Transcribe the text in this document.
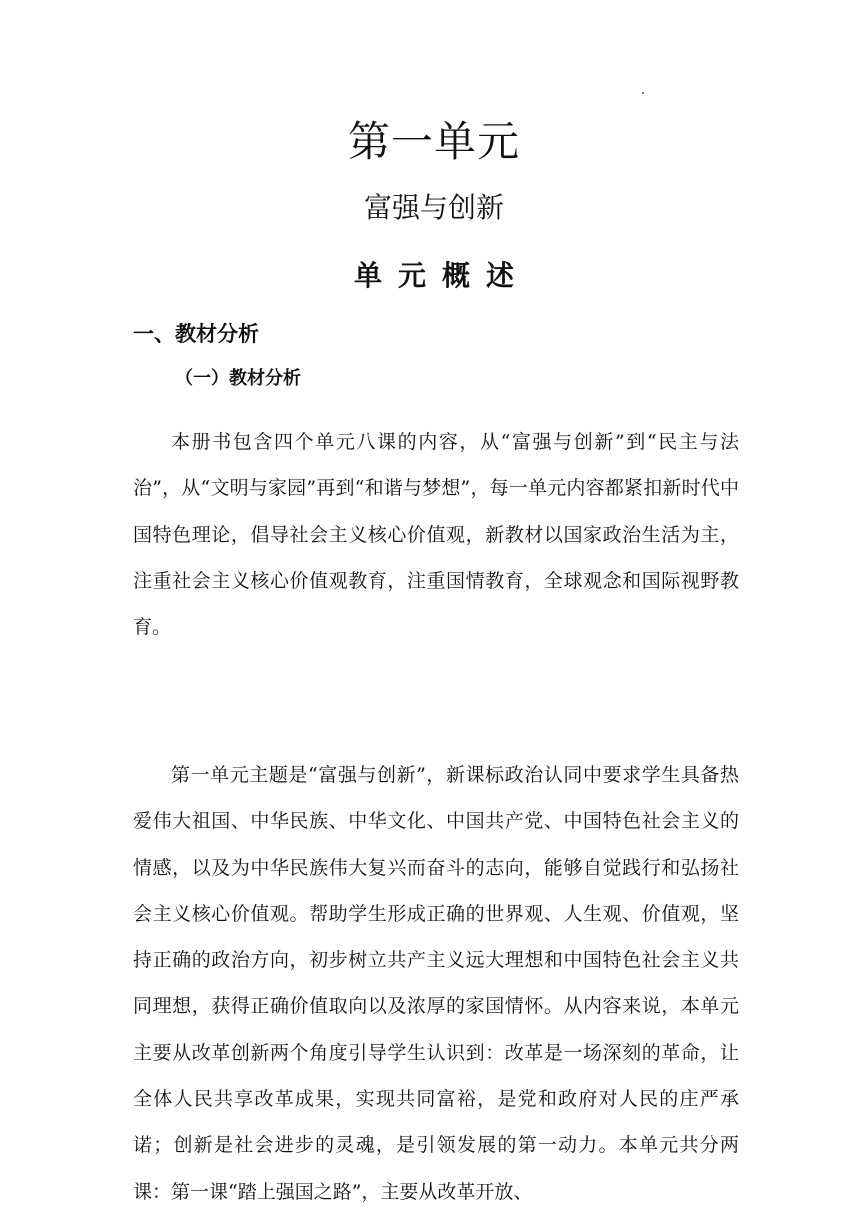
第一单元
富强与创新
单元概述
一、教材分析
（一）教材分析

本册书包含四个单元八课的内容，从“富强与创新”到“民主与法治”，从“文明与家园”再到“和谐与梦想”，每一单元内容都紧扣新时代中国特色理论，倡导社会主义核心价值观，新教材以国家政治生活为主，注重社会主义核心价值观教育，注重国情教育，全球观念和国际视野教育。

第一单元主题是“富强与创新”，新课标政治认同中要求学生具备热爱伟大祖国、中华民族、中华文化、中国共产党、中国特色社会主义的情感，以及为中华民族伟大复兴而奋斗的志向，能够自觉践行和弘扬社会主义核心价值观。帮助学生形成正确的世界观、人生观、价值观，坚持正确的政治方向，初步树立共产主义远大理想和中国特色社会主义共同理想，获得正确价值取向以及浓厚的家国情怀。从内容来说，本单元主要从改革创新两个角度引导学生认识到：改革是一场深刻的革命，让全体人民共享改革成果，实现共同富裕，是党和政府对人民的庄严承诺；创新是社会进步的灵魂，是引领发展的第一动力。本单元共分两课：第一课“踏上强国之路”，主要从改革开放、
